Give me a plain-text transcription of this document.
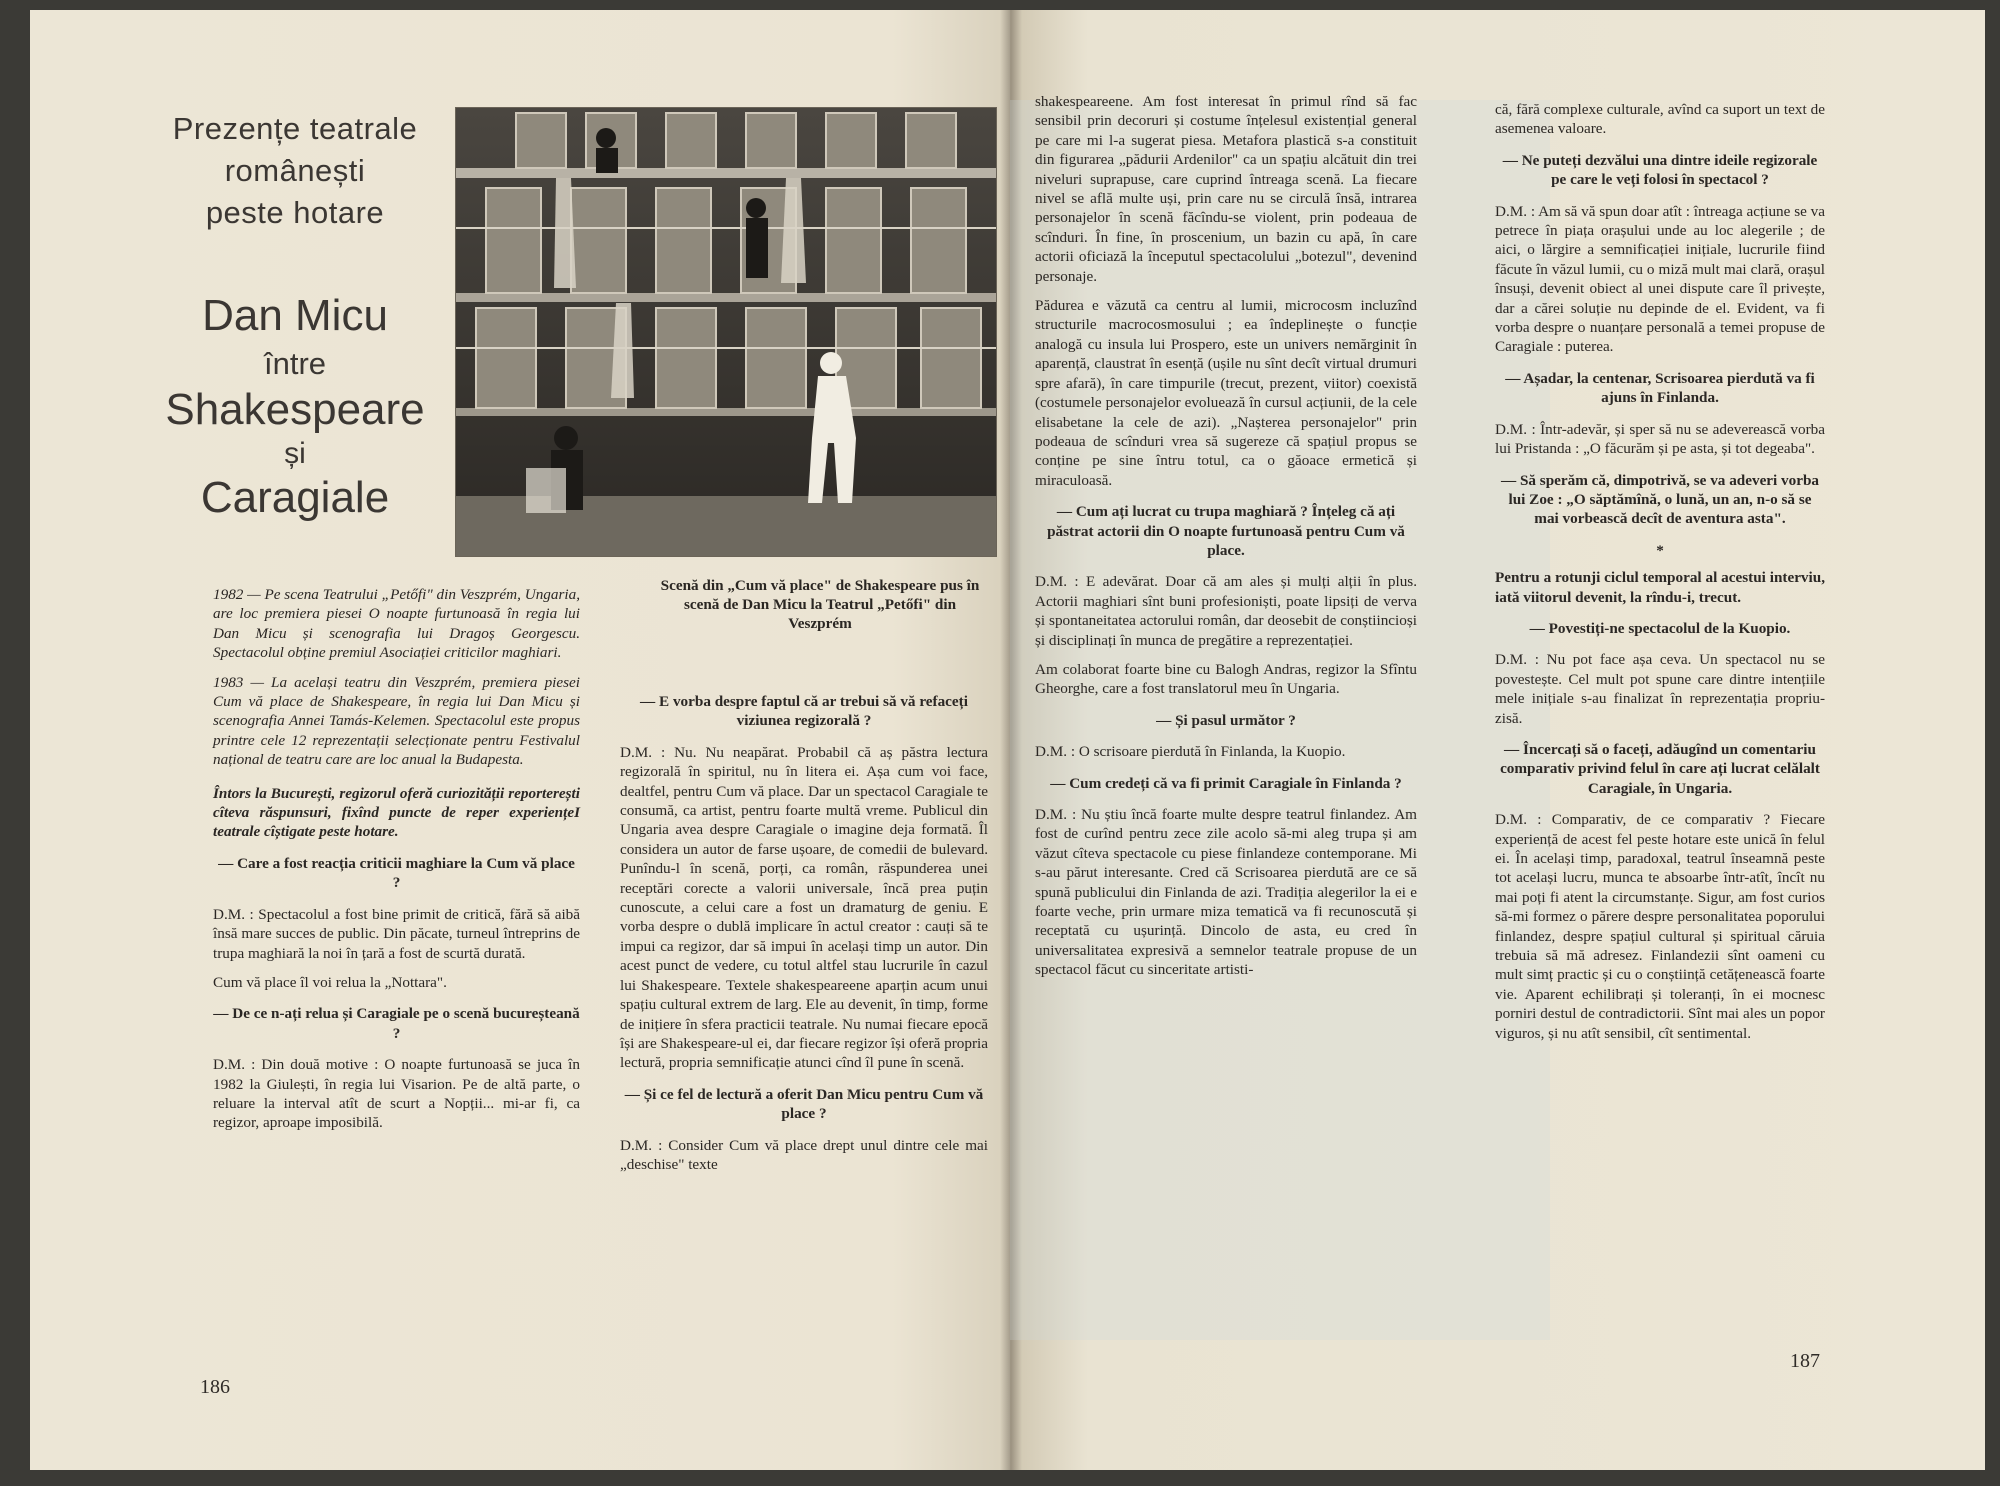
Prezențe teatrale
românești
peste hotare
Dan Micu
între
Shakespeare
și
Caragiale
Scenă din „Cum vă place" de Shakespeare pus în scenă de Dan Micu la Teatrul „Petőfi" din Veszprém

1982 — Pe scena Teatrului „Petőfi" din Veszprém, Ungaria, are loc premiera piesei O noapte furtunoasă în regia lui Dan Micu și scenografia lui Dragoș Georgescu. Spectacolul obține premiul Asociației criticilor maghiari.

1983 — La același teatru din Veszprém, premiera piesei Cum vă place de Shakespeare, în regia lui Dan Micu și scenografia Annei Tamás-Kelemen. Spectacolul este propus printre cele 12 reprezentații selecționate pentru Festivalul național de teatru care are loc anual la Budapesta.

Întors la București, regizorul oferă curiozității reporterești cîteva răspunsuri, fixînd puncte de reper experiențeI teatrale cîștigate peste hotare.

— Care a fost reacția criticii maghiare la Cum vă place ?

D.M. : Spectacolul a fost bine primit de critică, fără să aibă însă mare succes de public. Din păcate, turneul întreprins de trupa maghiară la noi în țară a fost de scurtă durată.

Cum vă place îl voi relua la „Nottara".

— De ce n-ați relua și Caragiale pe o scenă bucureșteană ?

D.M. : Din două motive : O noapte furtunoasă se juca în 1982 la Giulești, în regia lui Visarion. Pe de altă parte, o reluare la interval atît de scurt a Nopții... mi-ar fi, ca regizor, aproape imposibilă.

— E vorba despre faptul că ar trebui să vă refaceți viziunea regizorală ?

D.M. : Nu. Nu neapărat. Probabil că aș păstra lectura regizorală în spiritul, nu în litera ei. Așa cum voi face, dealtfel, pentru Cum vă place. Dar un spectacol Caragiale te consumă, ca artist, pentru foarte multă vreme. Publicul din Ungaria avea despre Caragiale o imagine deja formată. Îl considera un autor de farse ușoare, de comedii de bulevard. Punîndu-l în scenă, porți, ca român, răspunderea unei receptări corecte a valorii universale, încă prea puțin cunoscute, a celui care a fost un dramaturg de geniu. E vorba despre o dublă implicare în actul creator : cauți să te impui ca regizor, dar să impui în același timp un autor. Din acest punct de vedere, cu totul altfel stau lucrurile în cazul lui Shakespeare. Textele shakespeareene aparțin acum unui spațiu cultural extrem de larg. Ele au devenit, în timp, forme de inițiere în sfera practicii teatrale. Nu numai fiecare epocă își are Shakespeare-ul ei, dar fiecare regizor își oferă propria lectură, propria semnificație atunci cînd îl pune în scenă.

— Și ce fel de lectură a oferit Dan Micu pentru Cum vă place ?

D.M. : Consider Cum vă place drept unul dintre cele mai „deschise" texte

186

shakespeareene. Am fost interesat în primul rînd să fac sensibil prin decoruri și costume înțelesul existențial general pe care mi l-a sugerat piesa. Metafora plastică s-a constituit din figurarea „pădurii Ardenilor" ca un spațiu alcătuit din trei niveluri suprapuse, care cuprind întreaga scenă. La fiecare nivel se află multe uși, prin care nu se circulă însă, intrarea personajelor în scenă făcîndu-se violent, prin podeaua de scînduri. În fine, în proscenium, un bazin cu apă, în care actorii oficiază la începutul spectacolului „botezul", devenind personaje.

Pădurea e văzută ca centru al lumii, microcosm incluzînd structurile macrocosmosului ; ea îndeplinește o funcție analogă cu insula lui Prospero, este un univers nemărginit în aparență, claustrat în esență (ușile nu sînt decît virtual drumuri spre afară), în care timpurile (trecut, prezent, viitor) coexistă (costumele personajelor evoluează în cursul acțiunii, de la cele elisabetane la cele de azi). „Nașterea personajelor" prin podeaua de scînduri vrea să sugereze că spațiul propus se conține pe sine întru totul, ca o găoace ermetică și miraculoasă.

— Cum ați lucrat cu trupa maghiară ? Înțeleg că ați păstrat actorii din O noapte furtunoasă pentru Cum vă place.

D.M. : E adevărat. Doar că am ales și mulți alții în plus. Actorii maghiari sînt buni profesioniști, poate lipsiți de verva și spontaneitatea actorului român, dar deosebit de conștiincioși și disciplinați în munca de pregătire a reprezentației.

Am colaborat foarte bine cu Balogh Andras, regizor la Sfîntu Gheorghe, care a fost translatorul meu în Ungaria.

— Și pasul următor ?

D.M. : O scrisoare pierdută în Finlanda, la Kuopio.

— Cum credeți că va fi primit Caragiale în Finlanda ?

D.M. : Nu știu încă foarte multe despre teatrul finlandez. Am fost de curînd pentru zece zile acolo să-mi aleg trupa și am văzut cîteva spectacole cu piese finlandeze contemporane. Mi s-au părut interesante. Cred că Scrisoarea pierdută are ce să spună publicului din Finlanda de azi. Tradiția alegerilor la ei e foarte veche, prin urmare miza tematică va fi recunoscută și receptată cu ușurință. Dincolo de asta, eu cred în universalitatea expresivă a semnelor teatrale propuse de un spectacol făcut cu sinceritate artisti-

că, fără complexe culturale, avînd ca suport un text de asemenea valoare.

— Ne puteți dezvălui una dintre ideile regizorale pe care le veți folosi în spectacol ?

D.M. : Am să vă spun doar atît : întreaga acțiune se va petrece în piața orașului unde au loc alegerile ; de aici, o lărgire a semnificației inițiale, lucrurile fiind făcute în văzul lumii, cu o miză mult mai clară, orașul însuși, devenit obiect al unei dispute care îl privește, dar a cărei soluție nu depinde de el. Evident, va fi vorba despre o nuanțare personală a temei propuse de Caragiale : puterea.

— Așadar, la centenar, Scrisoarea pierdută va fi ajuns în Finlanda.

D.M. : Într-adevăr, și sper să nu se adeverească vorba lui Pristanda : „O făcurăm și pe asta, și tot degeaba".

— Să sperăm că, dimpotrivă, se va adeveri vorba lui Zoe : „O săptămînă, o lună, un an, n-o să se mai vorbească decît de aventura asta".

*

Pentru a rotunji ciclul temporal al acestui interviu, iată viitorul devenit, la rîndu-i, trecut.

— Povestiți-ne spectacolul de la Kuopio.

D.M. : Nu pot face așa ceva. Un spectacol nu se povestește. Cel mult pot spune care dintre intențiile mele inițiale s-au finalizat în reprezentația propriu-zisă.

— Încercați să o faceți, adăugînd un comentariu comparativ privind felul în care ați lucrat celălalt Caragiale, în Ungaria.

D.M. : Comparativ, de ce comparativ ? Fiecare experiență de acest fel peste hotare este unică în felul ei. În același timp, paradoxal, teatrul înseamnă peste tot același lucru, munca te absoarbe într-atît, încît nu mai poți fi atent la circumstanțe. Sigur, am fost curios să-mi formez o părere despre personalitatea poporului finlandez, despre spațiul cultural și spiritual căruia trebuia să mă adresez. Finlandezii sînt oameni cu mult simț practic și cu o conștiință cetățenească foarte vie. Aparent echilibrați și toleranți, în ei mocnesc porniri destul de contradictorii. Sînt mai ales un popor viguros, și nu atît sensibil, cît sentimental.

187
